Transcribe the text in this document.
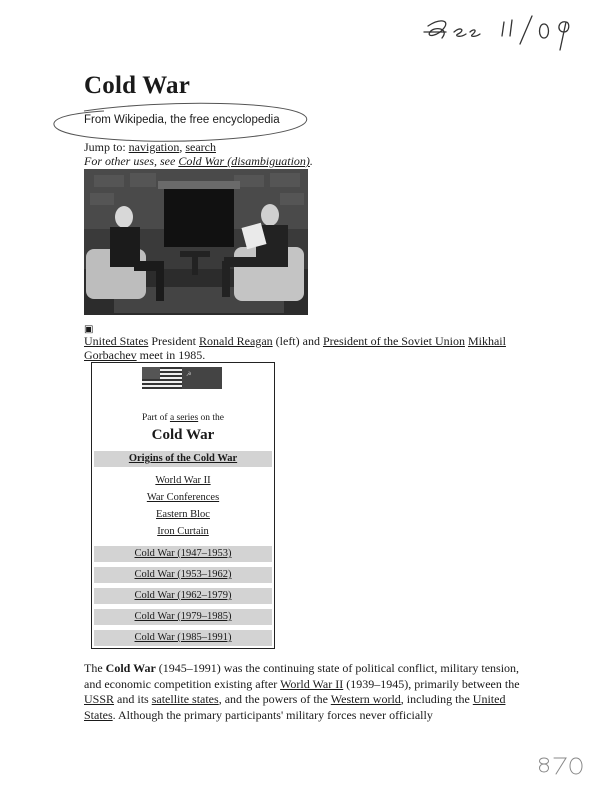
Cold War
From Wikipedia, the free encyclopedia
Jump to: navigation, search
For other uses, see Cold War (disambiguation).
▣
United States President Ronald Reagan (left) and President of the Soviet Union Mikhail Gorbachev meet in 1985.
☭
Part of a series on the
Cold War
Origins of the Cold War
World War II
War Conferences
Eastern Bloc
Iron Curtain
Cold War (1947–1953)
Cold War (1953–1962)
Cold War (1962–1979)
Cold War (1979–1985)
Cold War (1985–1991)
The Cold War (1945–1991) was the continuing state of political conflict, military tension, and economic competition existing after World War II (1939–1945), primarily between the USSR and its satellite states, and the powers of the Western world, including the United States. Although the primary participants' military forces never officially
